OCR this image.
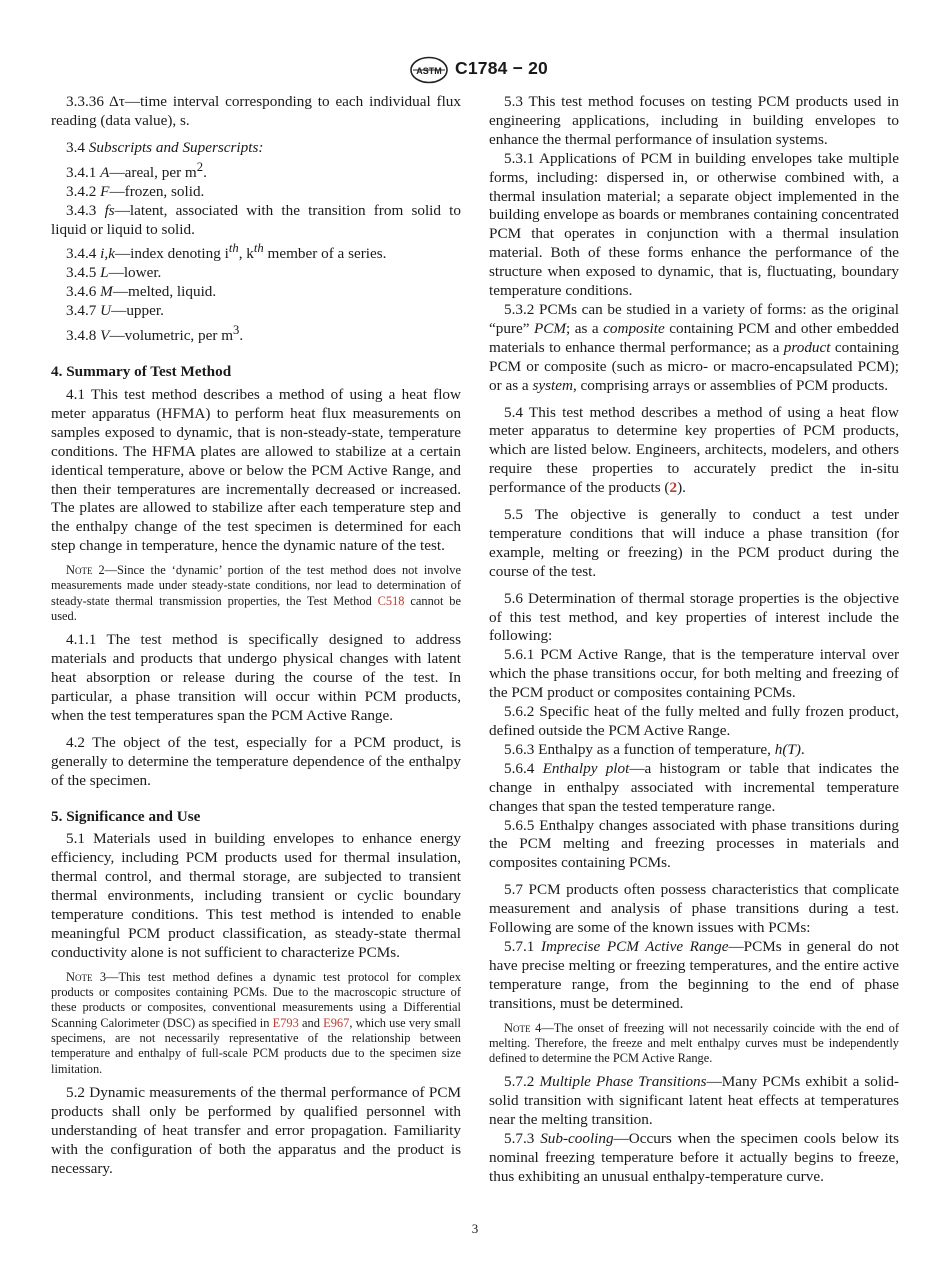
ASTM C1784 − 20

3.3.36 Δτ—time interval corresponding to each individual flux reading (data value), s.

3.4 Subscripts and Superscripts:

3.4.1 A—areal, per $m^2$.

3.4.2 F—frozen, solid.

3.4.3 fs—latent, associated with the transition from solid to liquid or liquid to solid.

3.4.4 i,k—index denoting $i^{th}$, $k^{th}$ member of a series.

3.4.5 L—lower.

3.4.6 M—melted, liquid.

3.4.7 U—upper.

3.4.8 V—volumetric, per $m^3$.

4. Summary of Test Method

4.1 This test method describes a method of using a heat flow meter apparatus (HFMA) to perform heat flux measurements on samples exposed to dynamic, that is non-steady-state, temperature conditions. The HFMA plates are allowed to stabilize at a certain identical temperature, above or below the PCM Active Range, and then their temperatures are incrementally decreased or increased. The plates are allowed to stabilize after each temperature step and the enthalpy change of the test specimen is determined for each step change in temperature, hence the dynamic nature of the test.

Note 2—Since the ‘dynamic’ portion of the test method does not involve measurements made under steady-state conditions, nor lead to determination of steady-state thermal transmission properties, the Test Method C518 cannot be used.

4.1.1 The test method is specifically designed to address materials and products that undergo physical changes with latent heat absorption or release during the course of the test. In particular, a phase transition will occur within PCM products, when the test temperatures span the PCM Active Range.

4.2 The object of the test, especially for a PCM product, is generally to determine the temperature dependence of the enthalpy of the specimen.

5. Significance and Use

5.1 Materials used in building envelopes to enhance energy efficiency, including PCM products used for thermal insulation, thermal control, and thermal storage, are subjected to transient thermal environments, including transient or cyclic boundary temperature conditions. This test method is intended to enable meaningful PCM product classification, as steady-state thermal conductivity alone is not sufficient to characterize PCMs.

Note 3—This test method defines a dynamic test protocol for complex products or composites containing PCMs. Due to the macroscopic structure of these products or composites, conventional measurements using a Differential Scanning Calorimeter (DSC) as specified in E793 and E967, which use very small specimens, are not necessarily representative of the relationship between temperature and enthalpy of full-scale PCM products due to the specimen size limitation.

5.2 Dynamic measurements of the thermal performance of PCM products shall only be performed by qualified personnel with understanding of heat transfer and error propagation. Familiarity with the configuration of both the apparatus and the product is necessary.

5.3 This test method focuses on testing PCM products used in engineering applications, including in building envelopes to enhance the thermal performance of insulation systems.

5.3.1 Applications of PCM in building envelopes take multiple forms, including: dispersed in, or otherwise combined with, a thermal insulation material; a separate object implemented in the building envelope as boards or membranes containing concentrated PCM that operates in conjunction with a thermal insulation material. Both of these forms enhance the performance of the structure when exposed to dynamic, that is, fluctuating, boundary temperature conditions.

5.3.2 PCMs can be studied in a variety of forms: as the original “pure” PCM; as a composite containing PCM and other embedded materials to enhance thermal performance; as a product containing PCM or composite (such as micro- or macro-encapsulated PCM); or as a system, comprising arrays or assemblies of PCM products.

5.4 This test method describes a method of using a heat flow meter apparatus to determine key properties of PCM products, which are listed below. Engineers, architects, modelers, and others require these properties to accurately predict the in-situ performance of the products (2).

5.5 The objective is generally to conduct a test under temperature conditions that will induce a phase transition (for example, melting or freezing) in the PCM product during the course of the test.

5.6 Determination of thermal storage properties is the objective of this test method, and key properties of interest include the following:

5.6.1 PCM Active Range, that is the temperature interval over which the phase transitions occur, for both melting and freezing of the PCM product or composites containing PCMs.

5.6.2 Specific heat of the fully melted and fully frozen product, defined outside the PCM Active Range.

5.6.3 Enthalpy as a function of temperature, h(T).

5.6.4 Enthalpy plot—a histogram or table that indicates the change in enthalpy associated with incremental temperature changes that span the tested temperature range.

5.6.5 Enthalpy changes associated with phase transitions during the PCM melting and freezing processes in materials and composites containing PCMs.

5.7 PCM products often possess characteristics that complicate measurement and analysis of phase transitions during a test. Following are some of the known issues with PCMs:

5.7.1 Imprecise PCM Active Range—PCMs in general do not have precise melting or freezing temperatures, and the entire active temperature range, from the beginning to the end of phase transitions, must be determined.

Note 4—The onset of freezing will not necessarily coincide with the end of melting. Therefore, the freeze and melt enthalpy curves must be independently defined to determine the PCM Active Range.

5.7.2 Multiple Phase Transitions—Many PCMs exhibit a solid-solid transition with significant latent heat effects at temperatures near the melting transition.

5.7.3 Sub-cooling—Occurs when the specimen cools below its nominal freezing temperature before it actually begins to freeze, thus exhibiting an unusual enthalpy-temperature curve.

3
